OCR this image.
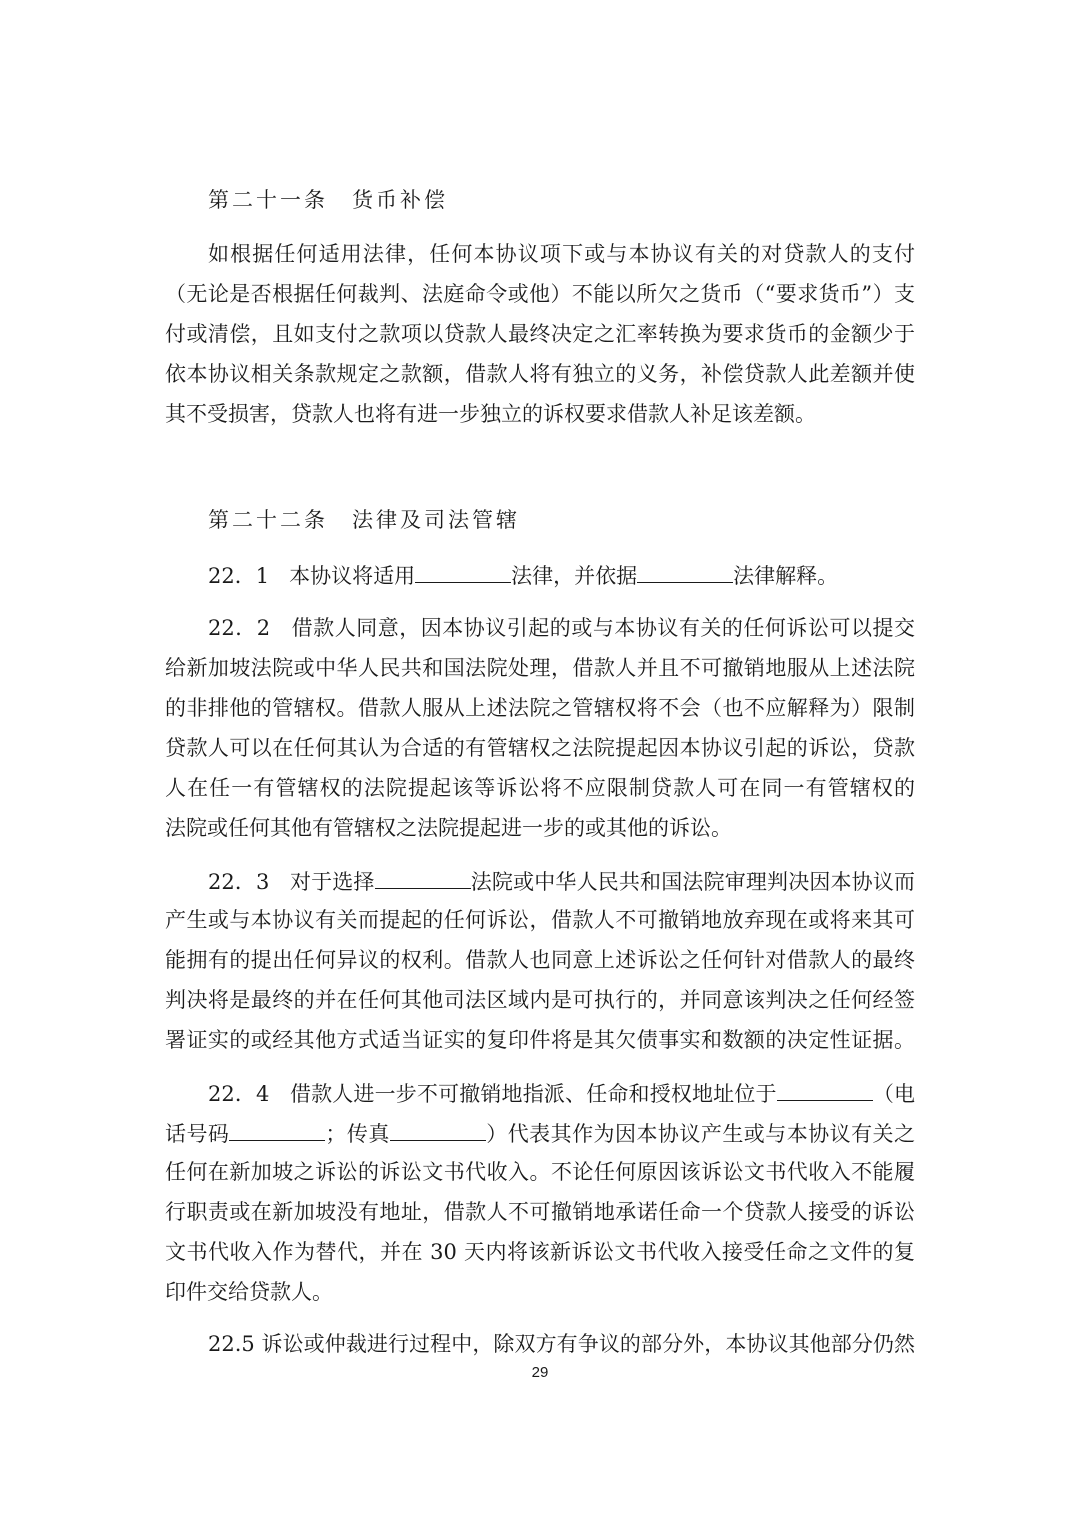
第二十一条 货币补偿
如根据任何适用法律，任何本协议项下或与本协议有关的对贷款人的支付
（无论是否根据任何裁判、法庭命令或他）不能以所欠之货币（“要求货币”）支
付或清偿，且如支付之款项以贷款人最终决定之汇率转换为要求货币的金额少于
依本协议相关条款规定之款额，借款人将有独立的义务，补偿贷款人此差额并使
其不受损害，贷款人也将有进一步独立的诉权要求借款人补足该差额。
第二十二条 法律及司法管辖
22．1 本协议将适用	法律，并依据	法律解释。
22．2 借款人同意，因本协议引起的或与本协议有关的任何诉讼可以提交
给新加坡法院或中华人民共和国法院处理，借款人并且不可撤销地服从上述法院
的非排他的管辖权。借款人服从上述法院之管辖权将不会（也不应解释为）限制
贷款人可以在任何其认为合适的有管辖权之法院提起因本协议引起的诉讼，贷款
人在任一有管辖权的法院提起该等诉讼将不应限制贷款人可在同一有管辖权的
法院或任何其他有管辖权之法院提起进一步的或其他的诉讼。
22．3 对于选择	法院或中华人民共和国法院审理判决因本协议而
产生或与本协议有关而提起的任何诉讼，借款人不可撤销地放弃现在或将来其可
能拥有的提出任何异议的权利。借款人也同意上述诉讼之任何针对借款人的最终
判决将是最终的并在任何其他司法区域内是可执行的，并同意该判决之任何经签
署证实的或经其他方式适当证实的复印件将是其欠债事实和数额的决定性证据。
22．4 借款人进一步不可撤销地指派、任命和授权地址位于	（电
话号码	；传真	）代表其作为因本协议产生或与本协议有关之
任何在新加坡之诉讼的诉讼文书代收入。不论任何原因该诉讼文书代收入不能履
行职责或在新加坡没有地址，借款人不可撤销地承诺任命一个贷款人接受的诉讼
文书代收入作为替代，并在 30 天内将该新诉讼文书代收入接受任命之文件的复
印件交给贷款人。
22.5 诉讼或仲裁进行过程中，除双方有争议的部分外，本协议其他部分仍然
29
